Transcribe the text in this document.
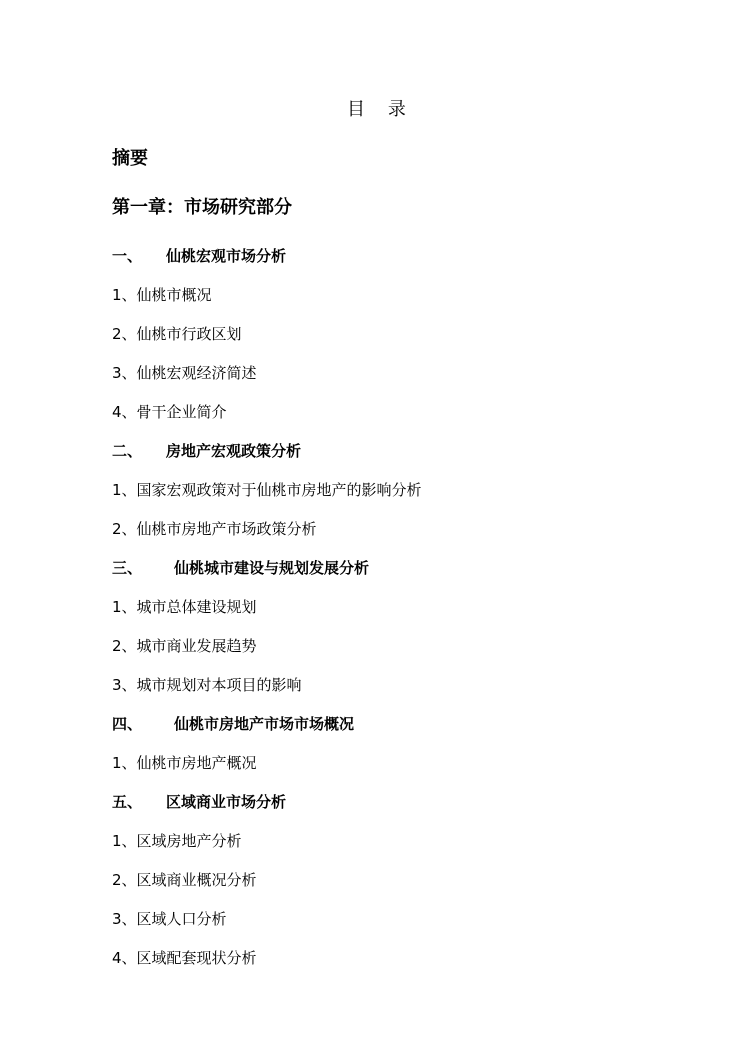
目    录
摘要
第一章：市场研究部分
一、 仙桃宏观市场分析
1、仙桃市概况
2、仙桃市行政区划
3、仙桃宏观经济简述
4、骨干企业简介
二、 房地产宏观政策分析
1、国家宏观政策对于仙桃市房地产的影响分析
2、仙桃市房地产市场政策分析
三、 仙桃城市建设与规划发展分析
1、城市总体建设规划
2、城市商业发展趋势
3、城市规划对本项目的影响
四、 仙桃市房地产市场市场概况
1、仙桃市房地产概况
五、 区域商业市场分析
1、区域房地产分析
2、区域商业概况分析
3、区域人口分析
4、区域配套现状分析
